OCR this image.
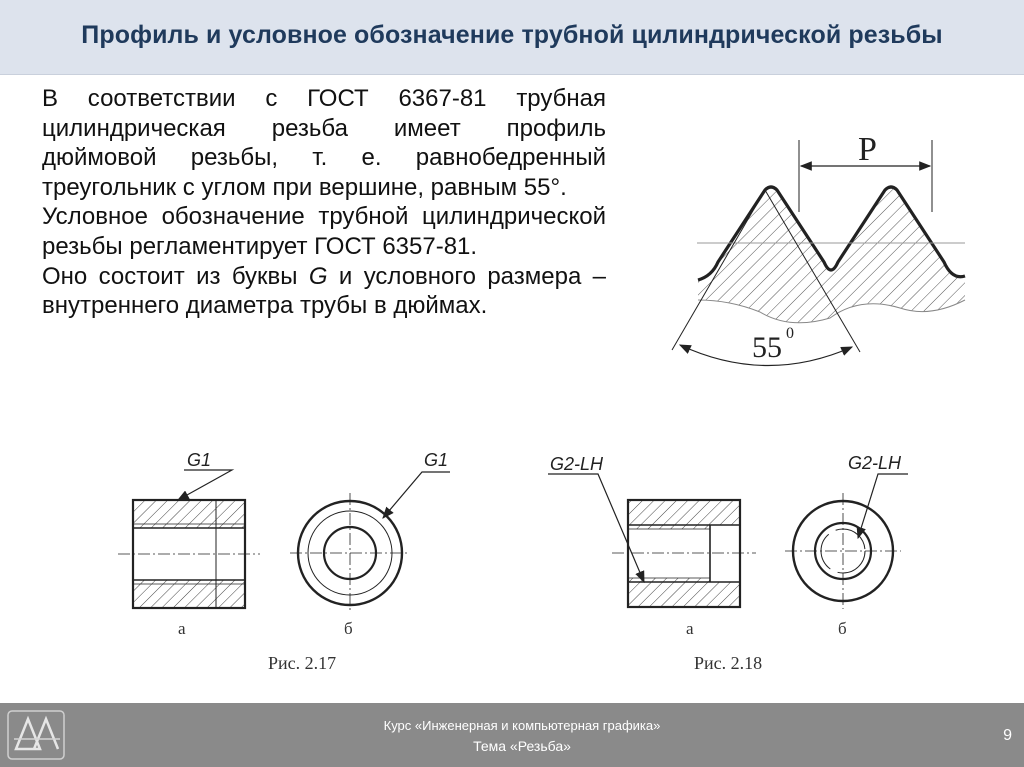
Профиль и условное обозначение трубной цилиндрической резьбы

В соответствии с ГОСТ 6367-81 трубная цилиндрическая резьба имеет профиль дюймовой резьбы, т. е. равнобедренный треугольник с углом при вершине, равным 55°.

Условное обозначение трубной цилиндрической резьбы регламентирует ГОСТ 6357-81.

Оно состоит из буквы G и условного размера – внутреннего диаметра трубы в дюймах.

P
55 0
G1	G1
а	б
Рис. 2.17
G2-LH	G2-LH
а	б
Рис. 2.18
Курс «Инженерная и компьютерная графика»
Тема «Резьба»
9
